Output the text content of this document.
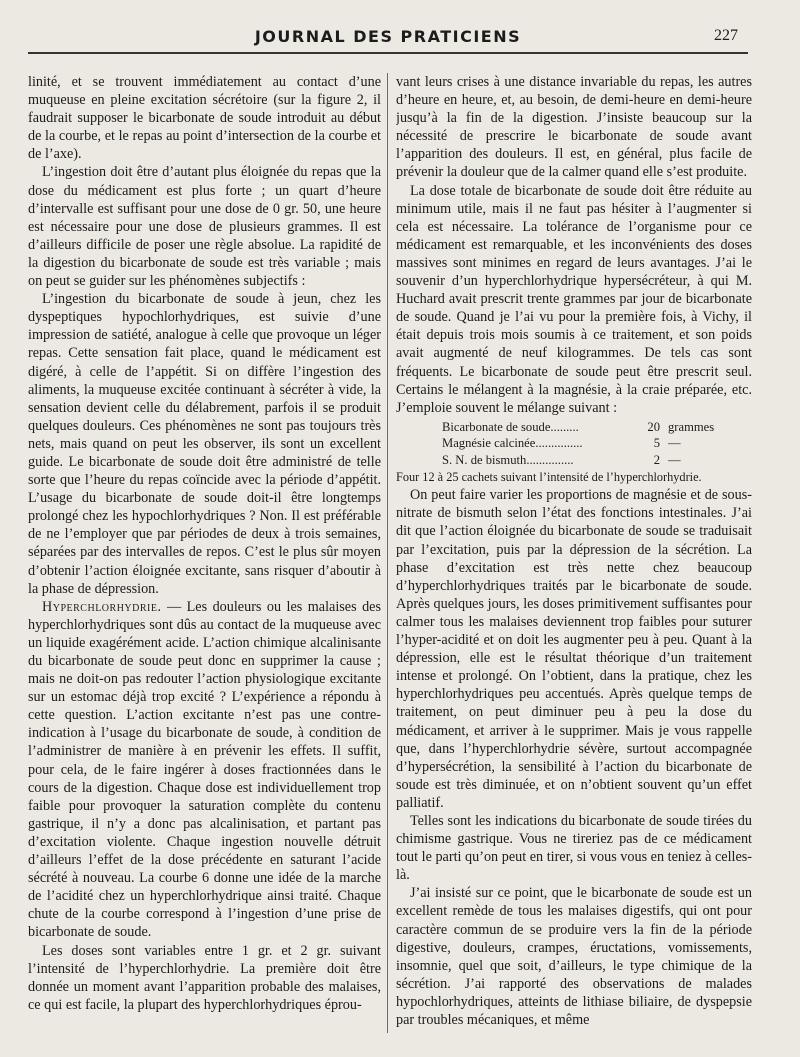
JOURNAL DES PRATICIENS	227

linité, et se trouvent immédiatement au contact d’une muqueuse en pleine excitation sécrétoire (sur la figure 2, il faudrait supposer le bicarbonate de soude introduit au début de la courbe, et le repas au point d’intersection de la courbe et de l’axe).

L’ingestion doit être d’autant plus éloignée du repas que la dose du médicament est plus forte ; un quart d’heure d’intervalle est suffisant pour une dose de 0 gr. 50, une heure est nécessaire pour une dose de plusieurs grammes. Il est d’ailleurs difficile de poser une règle absolue. La rapidité de la digestion du bicarbonate de soude est très variable ; mais on peut se guider sur les phénomènes subjectifs :

L’ingestion du bicarbonate de soude à jeun, chez les dyspeptiques hypochlorhydriques, est suivie d’une impression de satiété, analogue à celle que provoque un léger repas. Cette sensation fait place, quand le médicament est digéré, à celle de l’appétit. Si on diffère l’ingestion des aliments, la muqueuse excitée continuant à sécréter à vide, la sensation devient celle du délabrement, parfois il se produit quelques douleurs. Ces phénomènes ne sont pas toujours très nets, mais quand on peut les observer, ils sont un excellent guide. Le bicarbonate de soude doit être administré de telle sorte que l’heure du repas coïncide avec la période d’appétit. L’usage du bicarbonate de soude doit-il être longtemps prolongé chez les hypochlorhydriques ? Non. Il est préférable de ne l’employer que par périodes de deux à trois semaines, séparées par des intervalles de repos. C’est le plus sûr moyen d’obtenir l’action éloignée excitante, sans risquer d’aboutir à la phase de dépression.

Hyperchlorhydrie. — Les douleurs ou les malaises des hyperchlorhydriques sont dûs au contact de la muqueuse avec un liquide exagérément acide. L’action chimique alcalinisante du bicarbonate de soude peut donc en supprimer la cause ; mais ne doit-on pas redouter l’action physiologique excitante sur un estomac déjà trop excité ? L’expérience a répondu à cette question. L’action excitante n’est pas une contre-indication à l’usage du bicarbonate de soude, à condition de l’administrer de manière à en prévenir les effets. Il suffit, pour cela, de le faire ingérer à doses fractionnées dans le cours de la digestion. Chaque dose est individuellement trop faible pour provoquer la saturation complète du contenu gastrique, il n’y a donc pas alcalinisation, et partant pas d’excitation violente. Chaque ingestion nouvelle détruit d’ailleurs l’effet de la dose précédente en saturant l’acide sécrété à nouveau. La courbe 6 donne une idée de la marche de l’acidité chez un hyperchlorhydrique ainsi traité. Chaque chute de la courbe correspond à l’ingestion d’une prise de bicarbonate de soude.

Les doses sont variables entre 1 gr. et 2 gr. suivant l’intensité de l’hyperchlorhydrie. La première doit être donnée un moment avant l’apparition probable des malaises, ce qui est facile, la plupart des hyperchlorhydriques éprou-

vant leurs crises à une distance invariable du repas, les autres d’heure en heure, et, au besoin, de demi-heure en demi-heure jusqu’à la fin de la digestion. J’insiste beaucoup sur la nécessité de prescrire le bicarbonate de soude avant l’apparition des douleurs. Il est, en général, plus facile de prévenir la douleur que de la calmer quand elle s’est produite.

La dose totale de bicarbonate de soude doit être réduite au minimum utile, mais il ne faut pas hésiter à l’augmenter si cela est nécessaire. La tolérance de l’organisme pour ce médicament est remarquable, et les inconvénients des doses massives sont minimes en regard de leurs avantages. J’ai le souvenir d’un hyperchlorhydrique hypersécréteur, à qui M. Huchard avait prescrit trente grammes par jour de bicarbonate de soude. Quand je l’ai vu pour la première fois, à Vichy, il était depuis trois mois soumis à ce traitement, et son poids avait augmenté de neuf kilogrammes. De tels cas sont fréquents. Le bicarbonate de soude peut être prescrit seul. Certains le mélangent à la magnésie, à la craie préparée, etc. J’emploie souvent le mélange suivant :

Bicarbonate de soude.........	20 grammes
Magnésie calcinée...............	5 —
S. N. de bismuth...............	2 —
Four 12 à 25 cachets suivant l’intensité de l’hyperchlorhydrie.

On peut faire varier les proportions de magnésie et de sous-nitrate de bismuth selon l’état des fonctions intestinales. J’ai dit que l’action éloignée du bicarbonate de soude se traduisait par l’excitation, puis par la dépression de la sécrétion. La phase d’excitation est très nette chez beaucoup d’hyperchlorhydriques traités par le bicarbonate de soude. Après quelques jours, les doses primitivement suffisantes pour calmer tous les malaises deviennent trop faibles pour suturer l’hyper-acidité et on doit les augmenter peu à peu. Quant à la dépression, elle est le résultat théorique d’un traitement intense et prolongé. On l’obtient, dans la pratique, chez les hyperchlorhydriques peu accentués. Après quelque temps de traitement, on peut diminuer peu à peu la dose du médicament, et arriver à le supprimer. Mais je vous rappelle que, dans l’hyperchlorhydrie sévère, surtout accompagnée d’hypersécrétion, la sensibilité à l’action du bicarbonate de soude est très diminuée, et on n’obtient souvent qu’un effet palliatif.

Telles sont les indications du bicarbonate de soude tirées du chimisme gastrique. Vous ne tireriez pas de ce médicament tout le parti qu’on peut en tirer, si vous vous en teniez à celles-là.

J’ai insisté sur ce point, que le bicarbonate de soude est un excellent remède de tous les malaises digestifs, qui ont pour caractère commun de se produire vers la fin de la période digestive, douleurs, crampes, éructations, vomissements, insomnie, quel que soit, d’ailleurs, le type chimique de la sécrétion. J’ai rapporté des observations de malades hypochlorhydriques, atteints de lithiase biliaire, de dyspepsie par troubles mécaniques, et même
